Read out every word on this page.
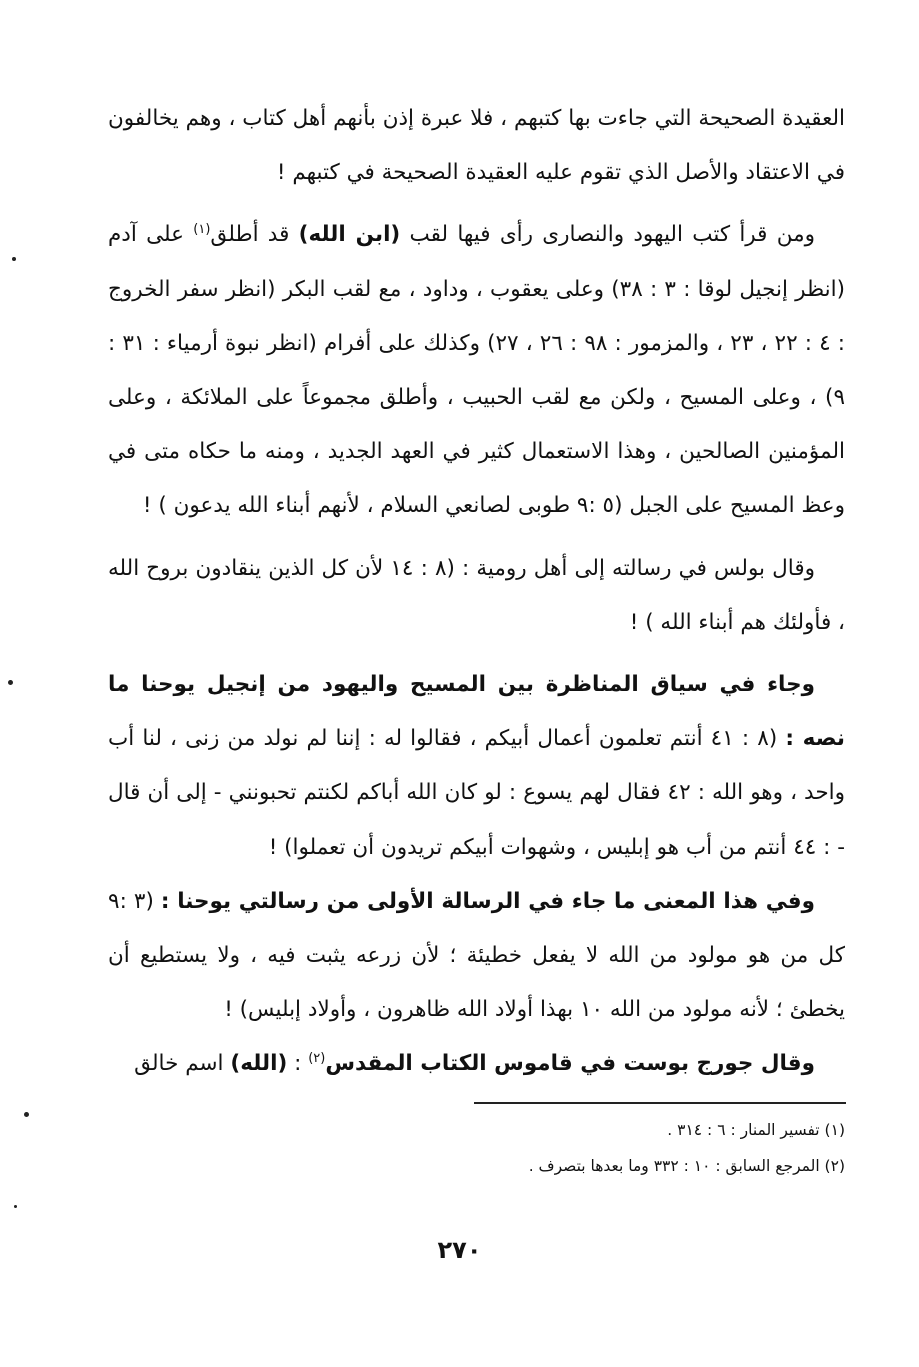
العقيدة الصحيحة التي جاءت بها كتبهم ، فلا عبرة إذن بأنهم أهل كتاب ، وهم يخالفون في الاعتقاد والأصل الذي تقوم عليه العقيدة الصحيحة في كتبهم !

ومن قرأ كتب اليهود والنصارى رأى فيها لقب (ابن الله) قد أطلق$^{(١)}$ على آدم (انظر إنجيل لوقا : ٣ : ٣٨) وعلى يعقوب ، وداود ، مع لقب البكر (انظر سفر الخروج : ٤ : ٢٢ ، ٢٣ ، والمزمور : ٩٨ : ٢٦ ، ٢٧) وكذلك على أفرام (انظر نبوة أرمياء : ٣١ : ٩) ، وعلى المسيح ، ولكن مع لقب الحبيب ، وأطلق مجموعاً على الملائكة ، وعلى المؤمنين الصالحين ، وهذا الاستعمال كثير في العهد الجديد ، ومنه ما حكاه متى في وعظ المسيح على الجبل (٥ :٩ طوبى لصانعي السلام ، لأنهم أبناء الله يدعون ) !

وقال بولس في رسالته إلى أهل رومية : (٨ : ١٤ لأن كل الذين ينقادون بروح الله ، فأولئك هم أبناء الله ) !

وجاء في سياق المناظرة بين المسيح واليهود من إنجيل يوحنا ما نصه : (٨ : ٤١ أنتم تعلمون أعمال أبيكم ، فقالوا له : إننا لم نولد من زنى ، لنا أب واحد ، وهو الله : ٤٢ فقال لهم يسوع : لو كان الله أباكم لكنتم تحبونني - إلى أن قال - : ٤٤ أنتم من أب هو إبليس ، وشهوات أبيكم تريدون أن تعملوا) !

وفي هذا المعنى ما جاء في الرسالة الأولى من رسالتي يوحنا : (٣ :٩ كل من هو مولود من الله لا يفعل خطيئة ؛ لأن زرعه يثبت فيه ، ولا يستطيع أن يخطئ ؛ لأنه مولود من الله ١٠ بهذا أولاد الله ظاهرون ، وأولاد إبليس) !

وقال جورج بوست في قاموس الكتاب المقدس$^{(٢)}$ : (الله) اسم خالق

(١) تفسير المنار : ٦ : ٣١٤ .

(٢) المرجع السابق : ١٠ : ٣٣٢ وما بعدها بتصرف .

٢٧٠
